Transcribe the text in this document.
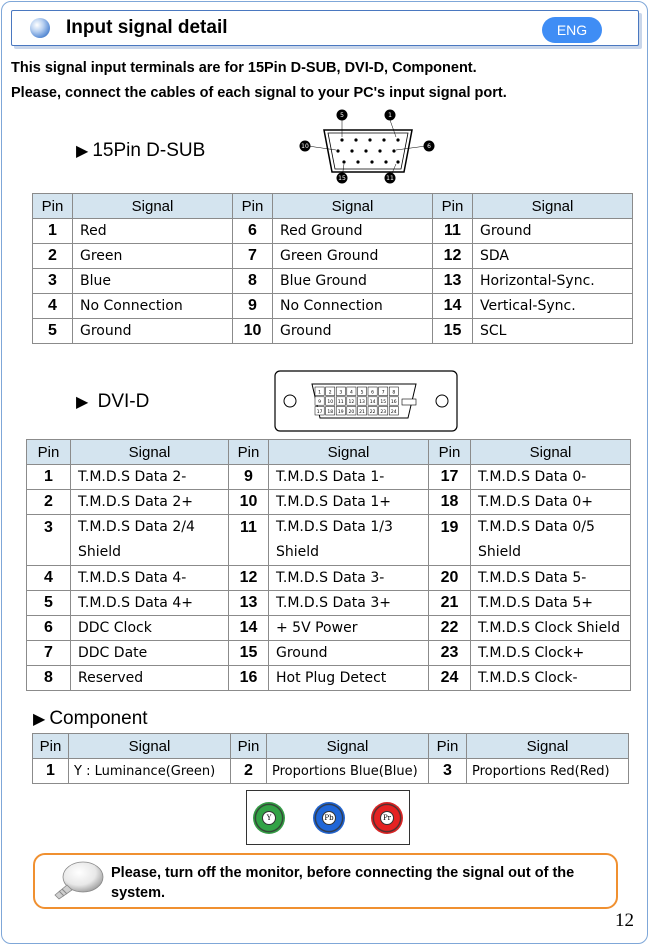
Input signal detail	ENG
This signal input terminals are for 15Pin D-SUB, DVI-D, Component.
Please, connect the cables of each signal to your PC's input signal port.
▶ 15Pin D-SUB
5	1
10	6
15	11
Pin	Signal	Pin	Signal	Pin	Signal
1	Red	6	Red Ground	11	Ground
2	Green	7	Green Ground	12	SDA
3	Blue	8	Blue Ground	13	Horizontal-Sync.
4	No Connection	9	No Connection	14	Vertical-Sync.
5	Ground	10	Ground	15	SCL
▶ DVI-D	1 2 3 4 5 6 7 8
9 10 11 12 13 14 15 16
17 18 19 20 21 22 23 24
Pin	Signal	Pin	Signal	Pin	Signal
1	T.M.D.S Data 2-	9	T.M.D.S Data 1-	17	T.M.D.S Data 0-
2	T.M.D.S Data 2+	10	T.M.D.S Data 1+	18	T.M.D.S Data 0+
3	T.M.D.S Data 2/4 Shield	11	T.M.D.S Data 1/3 Shield	19	T.M.D.S Data 0/5 Shield
4	T.M.D.S Data 4-	12	T.M.D.S Data 3-	20	T.M.D.S Data 5-
5	T.M.D.S Data 4+	13	T.M.D.S Data 3+	21	T.M.D.S Data 5+
6	DDC Clock	14	+ 5V Power	22	T.M.D.S Clock Shield
7	DDC Date	15	Ground	23	T.M.D.S Clock+
8	Reserved	16	Hot Plug Detect	24	T.M.D.S Clock-
▶ Component
Pin	Signal	Pin	Signal	Pin	Signal
1	Y : Luminance(Green)	2	Proportions Blue(Blue)	3	Proportions Red(Red)
Y	Pb	Pr
Please, turn off the monitor, before connecting the signal out of the system.
12
